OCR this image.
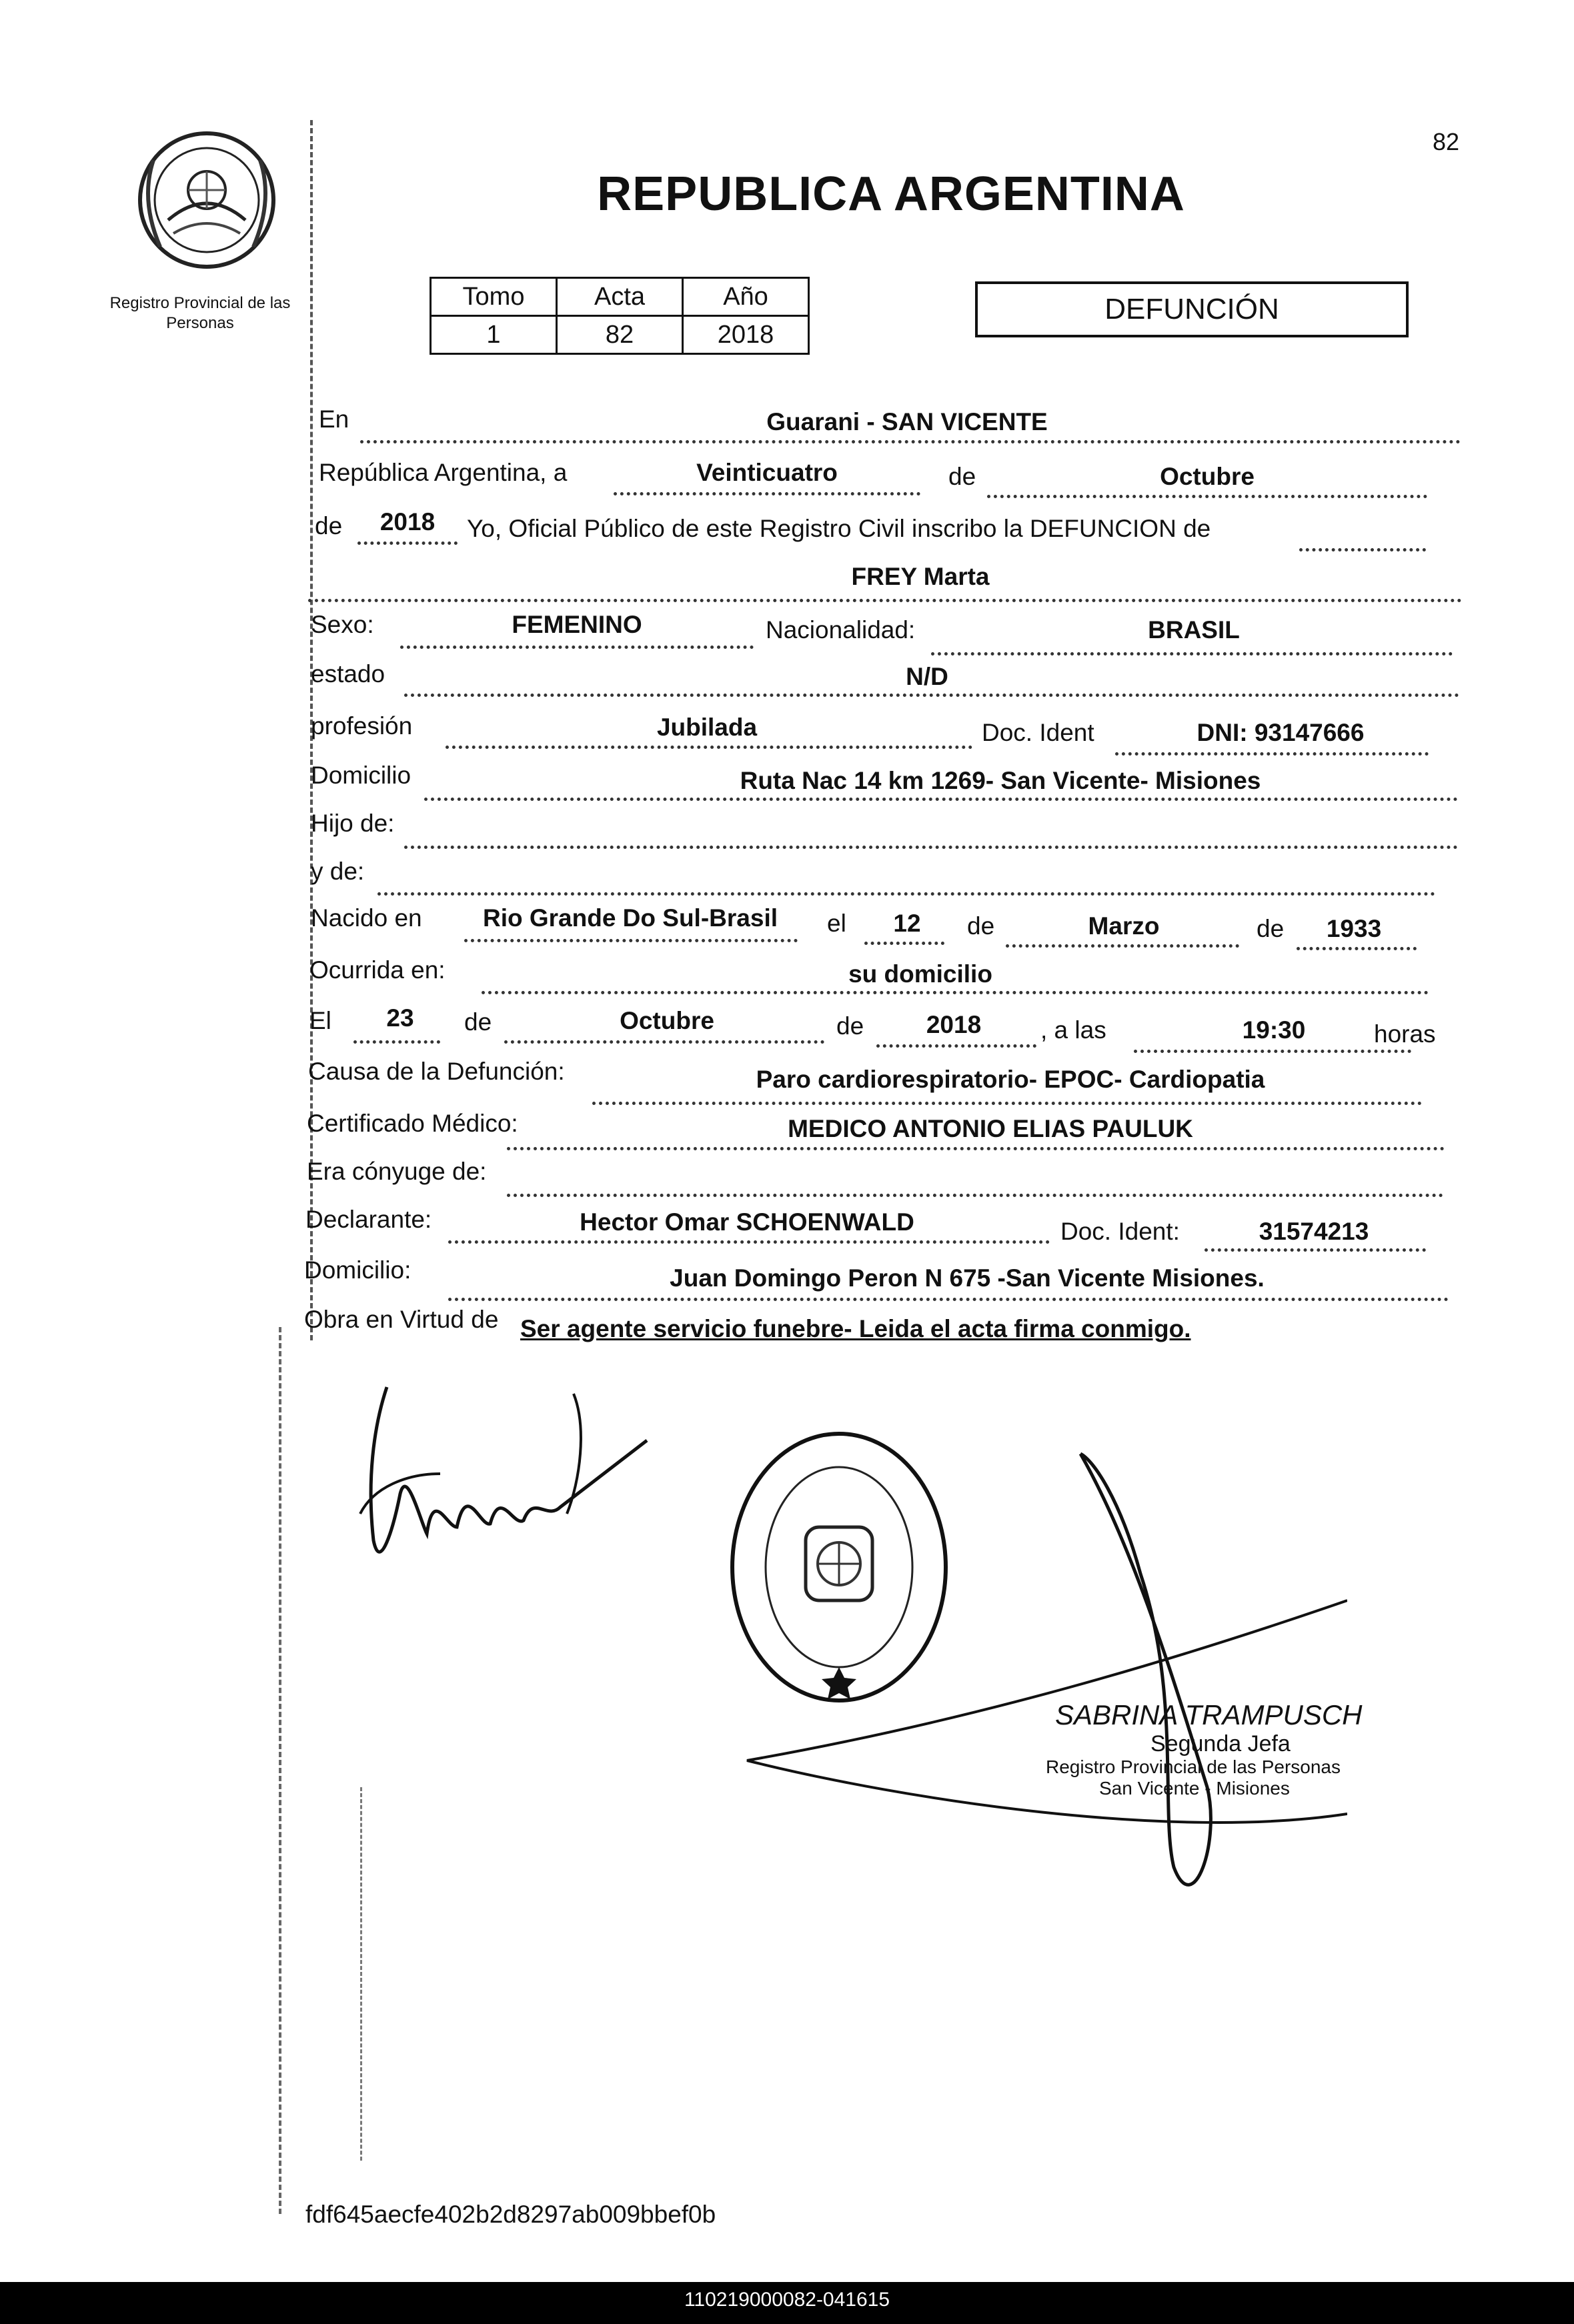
82
REPUBLICA ARGENTINA
Registro Provincial de las Personas
Tomo	Acta	Año
1	82	2018
DEFUNCIÓN
En	Guarani - SAN VICENTE
República Argentina, a	Veinticuatro	de	Octubre
de	2018	Yo, Oficial Público de este Registro Civil inscribo la DEFUNCION de
FREY Marta
Sexo:	FEMENINO	Nacionalidad:	BRASIL
estado	N/D
profesión	Jubilada	Doc. Ident	DNI: 93147666
Domicilio	Ruta Nac 14 km 1269- San Vicente- Misiones
Hijo de:
y de:
Nacido en	Rio Grande Do Sul-Brasil	el	12	de	Marzo	de	1933
Ocurrida en:	su domicilio
El	23	de	Octubre	de	2018	, a las	19:30	horas
Causa de la Defunción:	Paro cardiorespiratorio- EPOC- Cardiopatia
Certificado Médico:	MEDICO ANTONIO ELIAS PAULUK
Era cónyuge de:
Declarante:	Hector Omar SCHOENWALD	Doc. Ident:	31574213
Domicilio:	Juan Domingo Peron N 675 -San Vicente Misiones.
Obra en Virtud de Ser agente servicio funebre- Leida el acta firma conmigo.
SABRINA TRAMPUSCH
Segunda Jefa
Registro Provincial de las Personas
San Vicente - Misiones
fdf645aecfe402b2d8297ab009bbef0b
110219000082-041615
